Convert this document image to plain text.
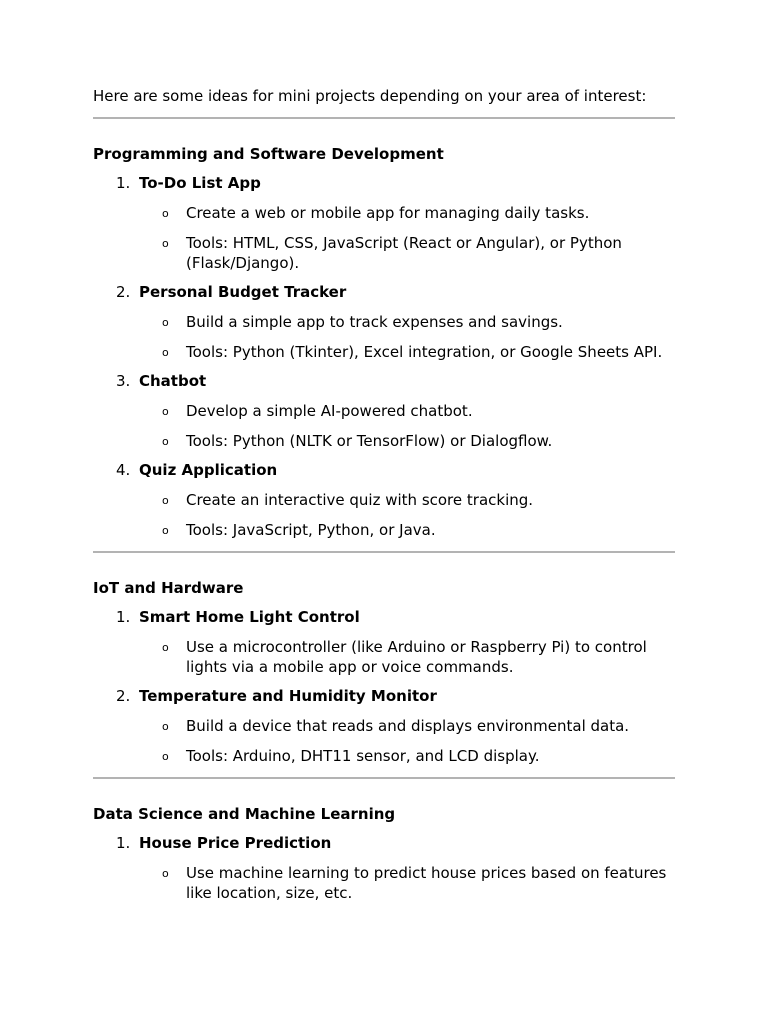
Here are some ideas for mini projects depending on your area of interest:

Programming and Software Development
1. To-Do List App
o Create a web or mobile app for managing daily tasks.
o Tools: HTML, CSS, JavaScript (React or Angular), or Python (Flask/Django).
2. Personal Budget Tracker
o Build a simple app to track expenses and savings.
o Tools: Python (Tkinter), Excel integration, or Google Sheets API.
3. Chatbot
o Develop a simple AI-powered chatbot.
o Tools: Python (NLTK or TensorFlow) or Dialogflow.
4. Quiz Application
o Create an interactive quiz with score tracking.
o Tools: JavaScript, Python, or Java.
IoT and Hardware
1. Smart Home Light Control
o Use a microcontroller (like Arduino or Raspberry Pi) to control lights via a mobile app or voice commands.
2. Temperature and Humidity Monitor
o Build a device that reads and displays environmental data.
o Tools: Arduino, DHT11 sensor, and LCD display.
Data Science and Machine Learning
1. House Price Prediction
o Use machine learning to predict house prices based on features like location, size, etc.
